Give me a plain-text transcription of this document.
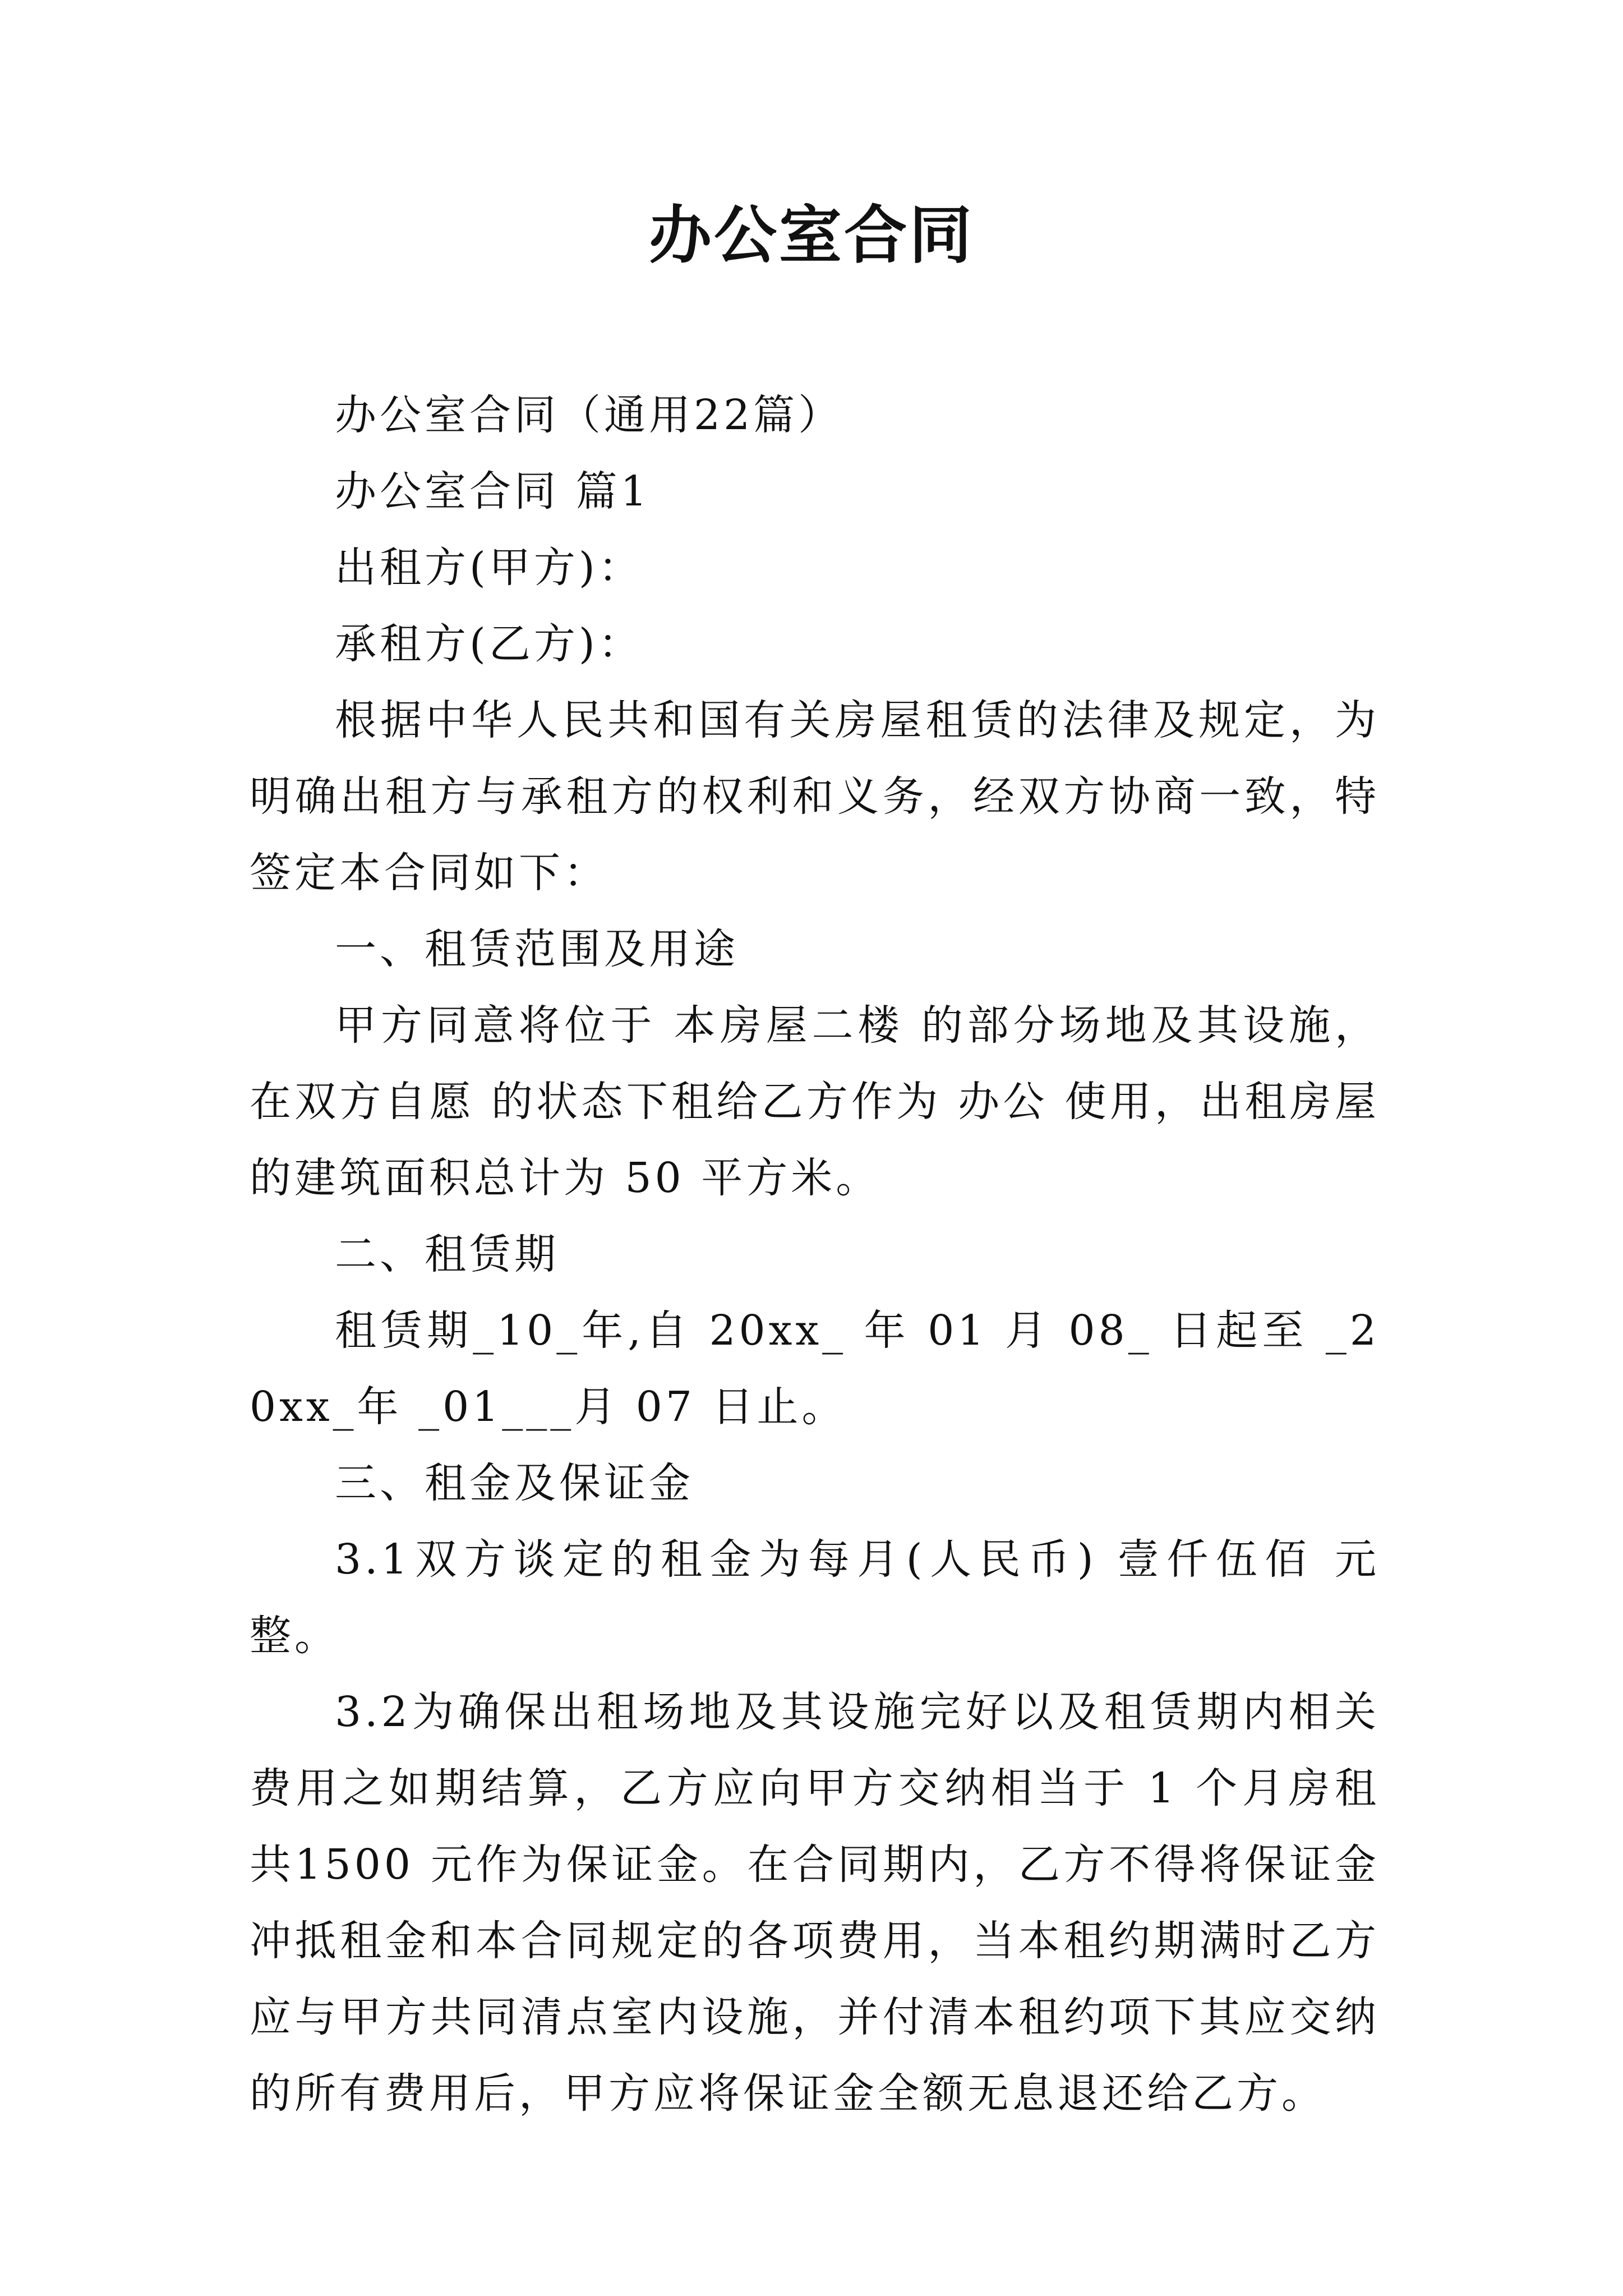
办公室合同

办公室合同（通用22篇）

办公室合同 篇1

出租方(甲方)：

承租方(乙方)：

根据中华人民共和国有关房屋租赁的法律及规定，为明确出租方与承租方的权利和义务，经双方协商一致，特签定本合同如下：

一、租赁范围及用途

甲方同意将位于 本房屋二楼 的部分场地及其设施，在双方自愿 的状态下租给乙方作为 办公 使用，出租房屋的建筑面积总计为 50 平方米。

二、租赁期

租赁期_10_年,自 20xx_ 年 01 月 08_ 日起至 _20xx_年 _01___月 07 日止。

三、租金及保证金

3.1双方谈定的租金为每月(人民币) 壹仟伍佰 元整。

3.2为确保出租场地及其设施完好以及租赁期内相关费用之如期结算，乙方应向甲方交纳相当于 1 个月房租共1500 元作为保证金。在合同期内，乙方不得将保证金冲抵租金和本合同规定的各项费用，当本租约期满时乙方应与甲方共同清点室内设施，并付清本租约项下其应交纳的所有费用后，甲方应将保证金全额无息退还给乙方。
